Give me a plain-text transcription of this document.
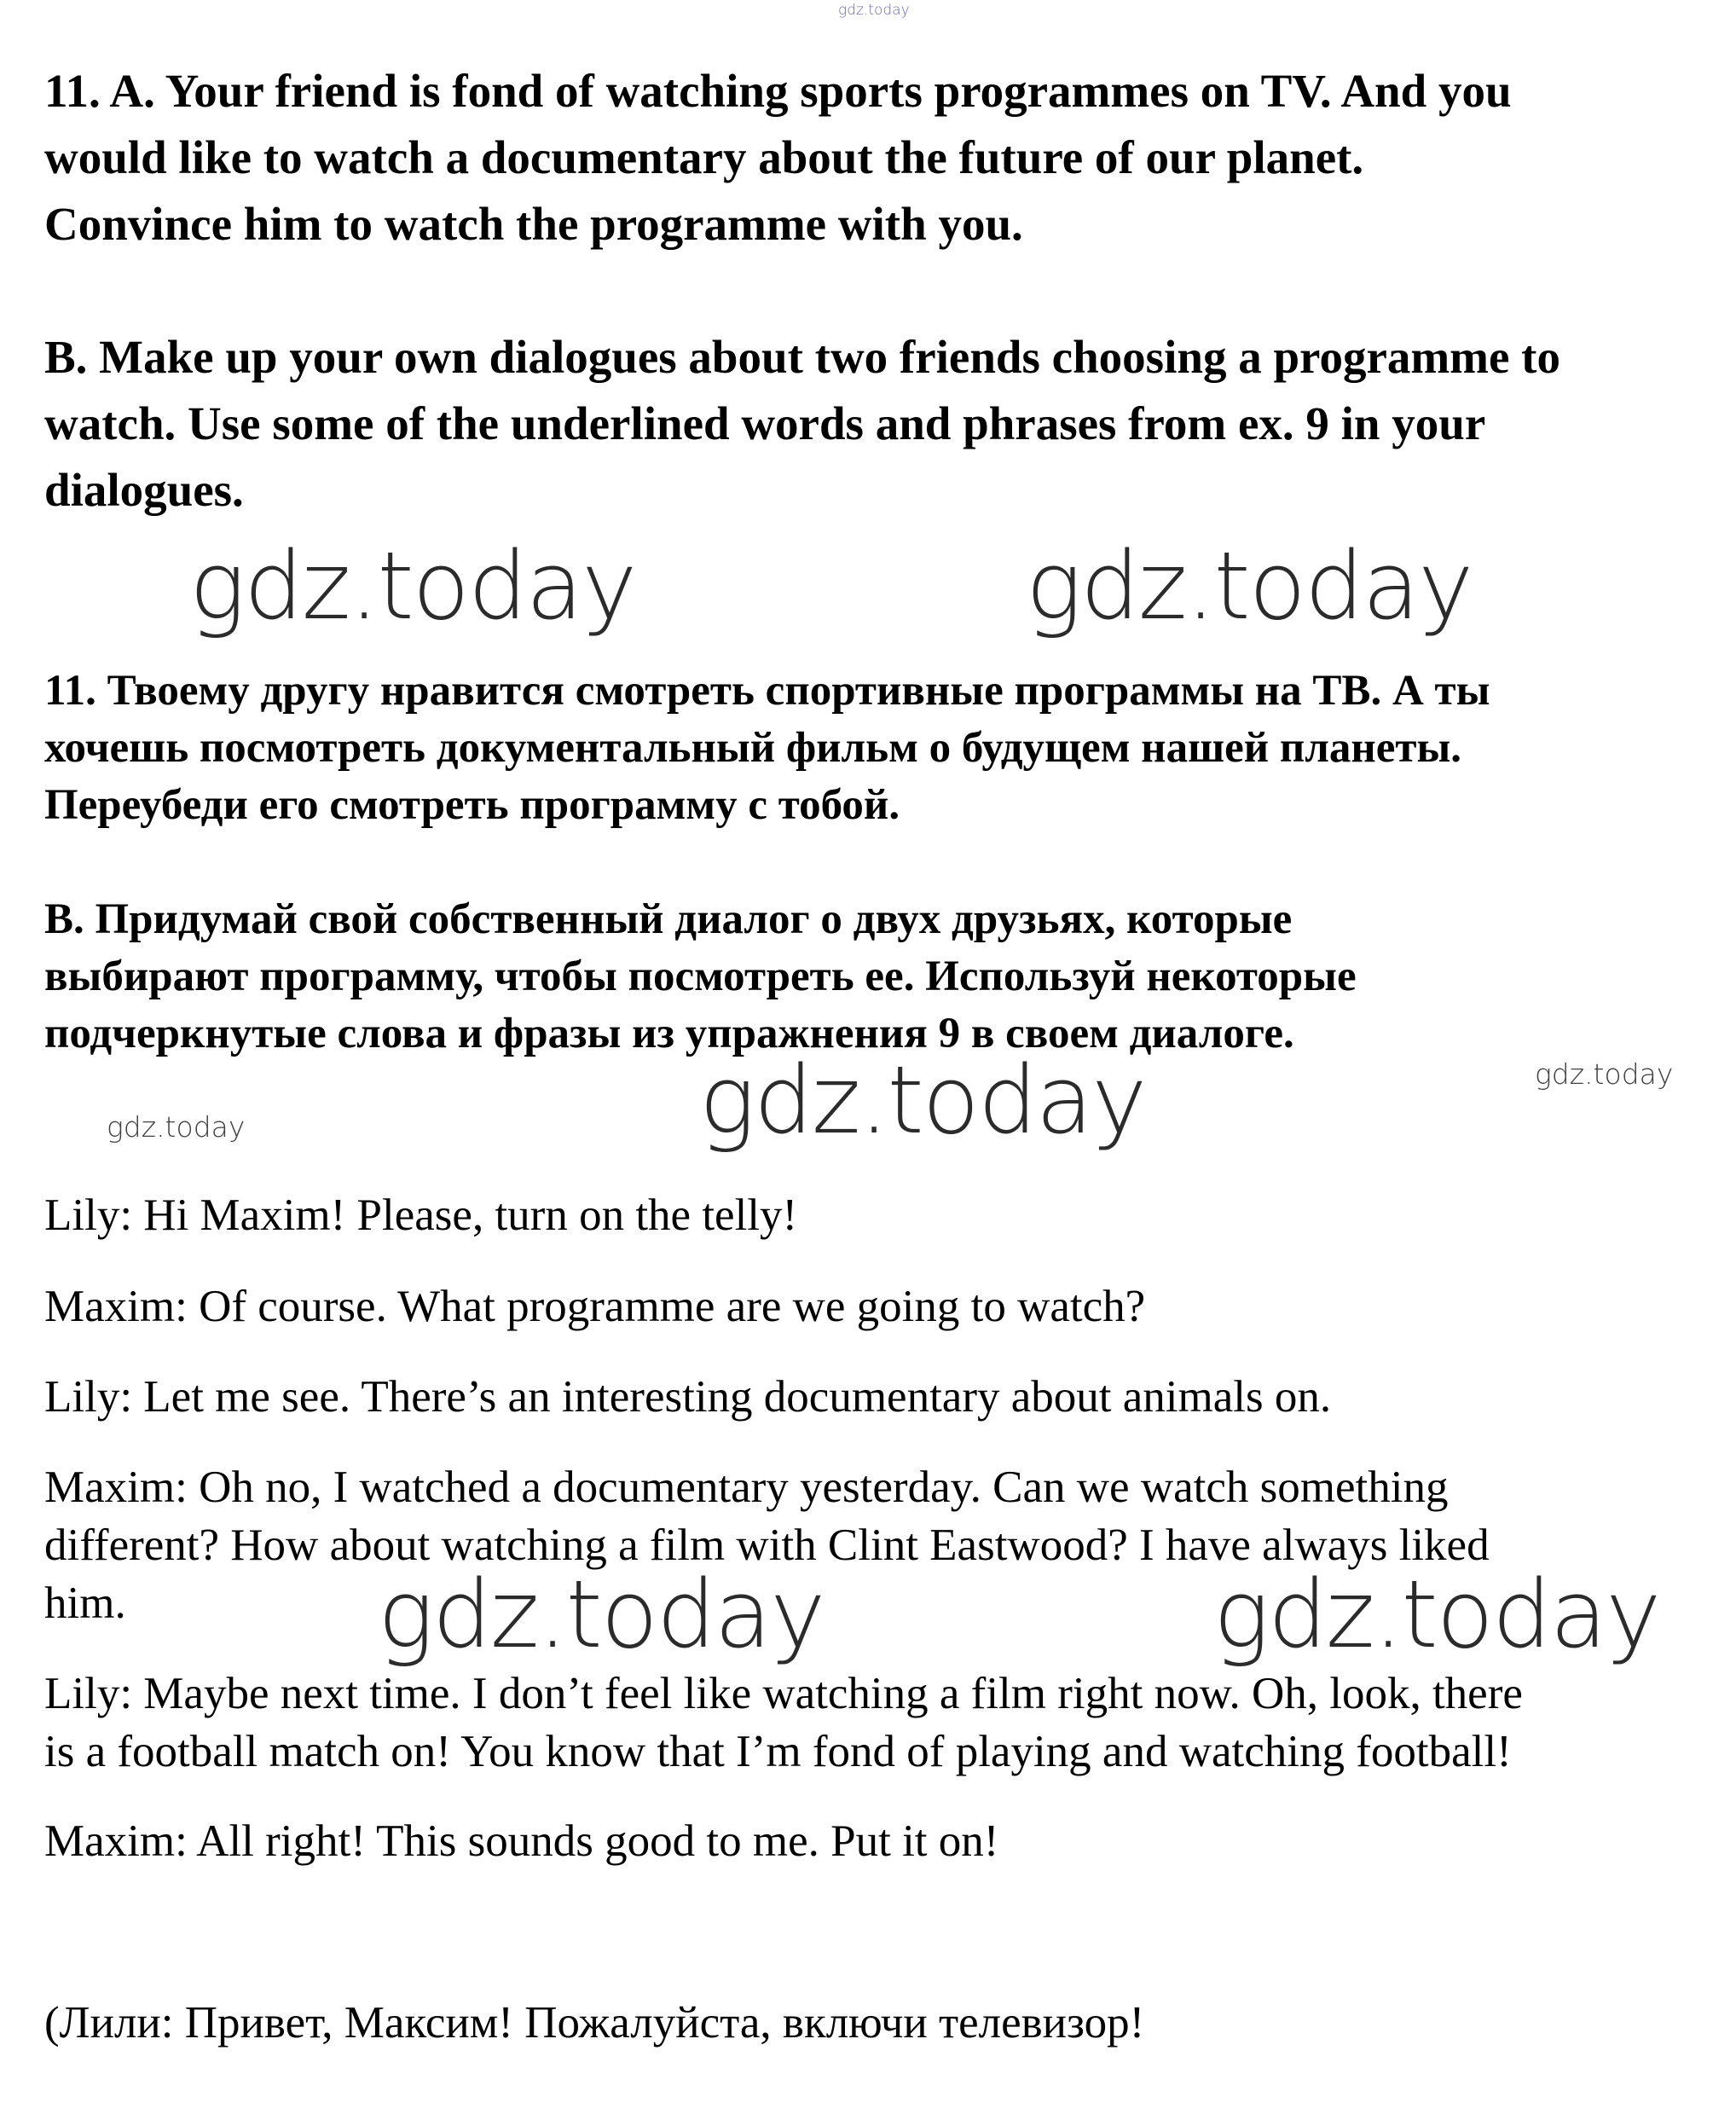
gdz.today
gdz.today	gdz.today
gdz.today	gdz.today
gdz.today
gdz.today	gdz.today
11. A. Your friend is fond of watching sports programmes on TV. And you
would like to watch a documentary about the future of our planet.
Convince him to watch the programme with you.
B. Make up your own dialogues about two friends choosing a programme to
watch. Use some of the underlined words and phrases from ex. 9 in your
dialogues.
11. Твоему другу нравится смотреть спортивные программы на ТВ. А ты
хочешь посмотреть документальный фильм о будущем нашей планеты.
Переубеди его смотреть программу с тобой.
B. Придумай свой собственный диалог о двух друзьях, которые
выбирают программу, чтобы посмотреть ее. Используй некоторые
подчеркнутые слова и фразы из упражнения 9 в своем диалоге.
Lily: Hi Maxim! Please, turn on the telly!
Maxim: Of course. What programme are we going to watch?
Lily: Let me see. There’s an interesting documentary about animals on.
Maxim: Oh no, I watched a documentary yesterday. Can we watch something
different? How about watching a film with Clint Eastwood? I have always liked
him.
Lily: Maybe next time. I don’t feel like watching a film right now. Oh, look, there
is a football match on! You know that I’m fond of playing and watching football!
Maxim: All right! This sounds good to me. Put it on!
(Лили: Привет, Максим! Пожалуйста, включи телевизор!
